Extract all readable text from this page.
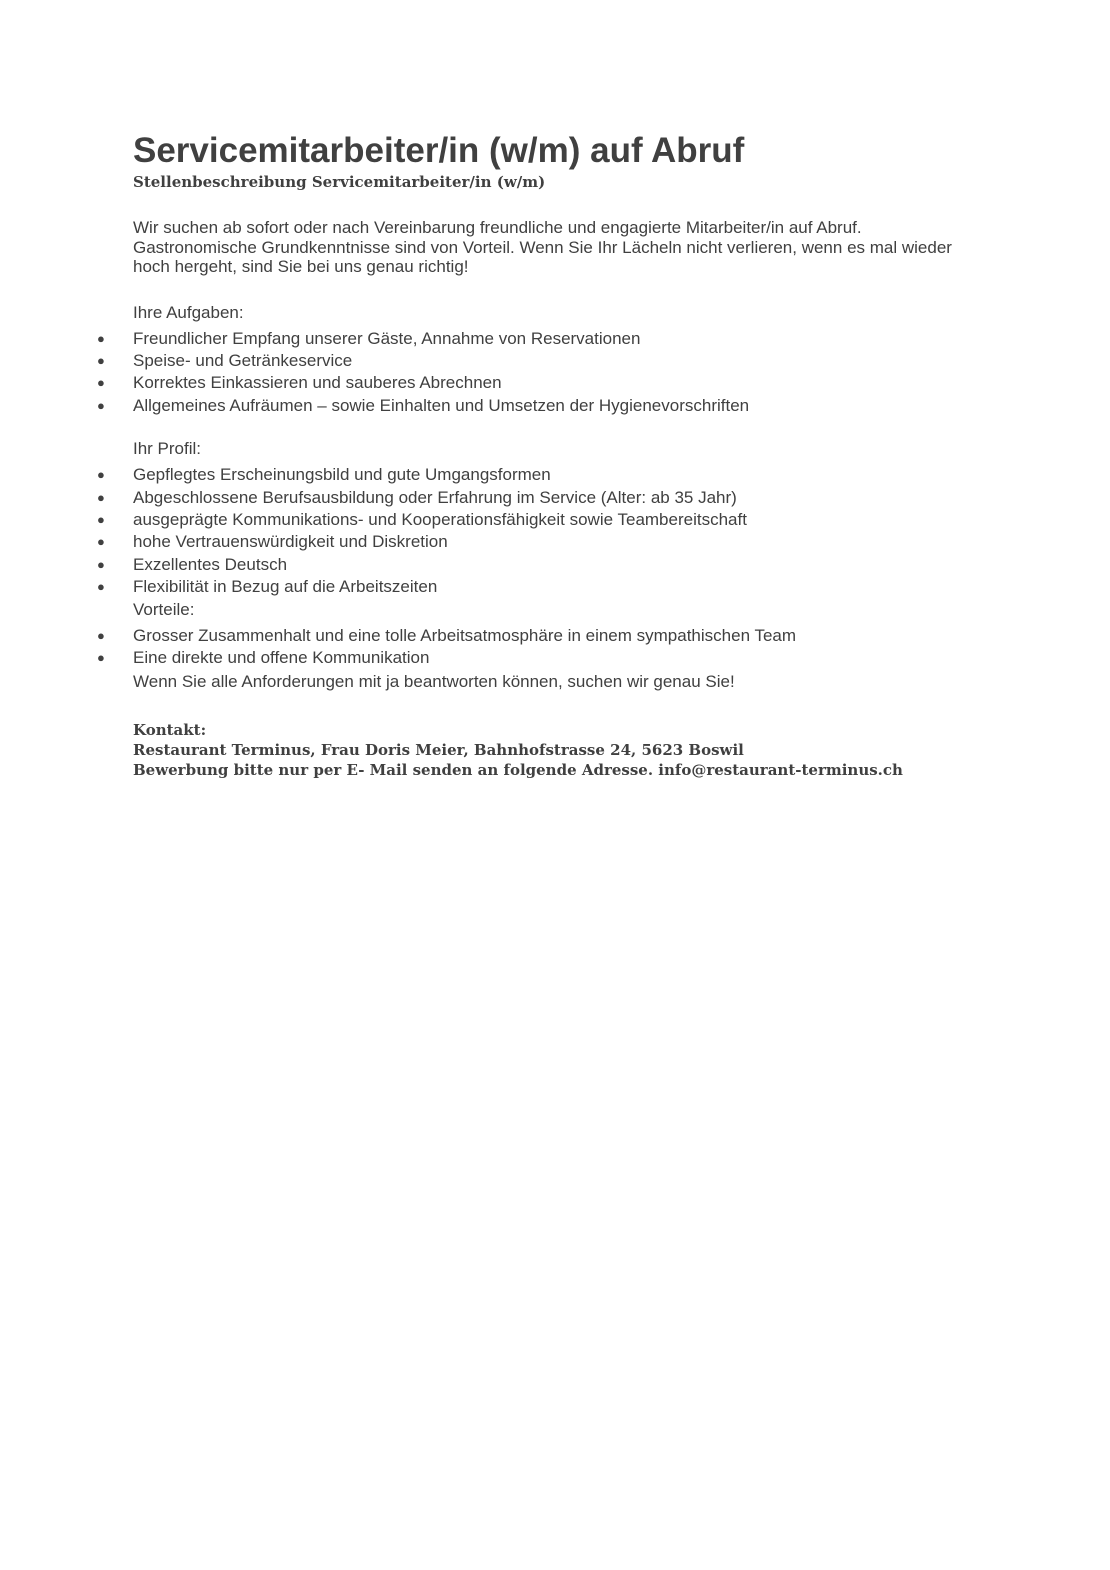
Servicemitarbeiter/in (w/m) auf Abruf
Stellenbeschreibung Servicemitarbeiter/in (w/m)
Wir suchen ab sofort oder nach Vereinbarung freundliche und engagierte Mitarbeiter/in auf Abruf.
Gastronomische Grundkenntnisse sind von Vorteil. Wenn Sie Ihr Lächeln nicht verlieren, wenn es mal wieder
hoch hergeht, sind Sie bei uns genau richtig!
Ihre Aufgaben:
● Freundlicher Empfang unserer Gäste, Annahme von Reservationen
● Speise- und Getränkeservice
● Korrektes Einkassieren und sauberes Abrechnen
● Allgemeines Aufräumen – sowie Einhalten und Umsetzen der Hygienevorschriften
Ihr Profil:
● Gepflegtes Erscheinungsbild und gute Umgangsformen
● Abgeschlossene Berufsausbildung oder Erfahrung im Service (Alter: ab 35 Jahr)
● ausgeprägte Kommunikations- und Kooperationsfähigkeit sowie Teambereitschaft
● hohe Vertrauenswürdigkeit und Diskretion
● Exzellentes Deutsch
● Flexibilität in Bezug auf die Arbeitszeiten
Vorteile:
● Grosser Zusammenhalt und eine tolle Arbeitsatmosphäre in einem sympathischen Team
● Eine direkte und offene Kommunikation
Wenn Sie alle Anforderungen mit ja beantworten können, suchen wir genau Sie!
Kontakt:
Restaurant Terminus, Frau Doris Meier, Bahnhofstrasse 24, 5623 Boswil
Bewerbung bitte nur per E- Mail senden an folgende Adresse. info@restaurant-terminus.ch
